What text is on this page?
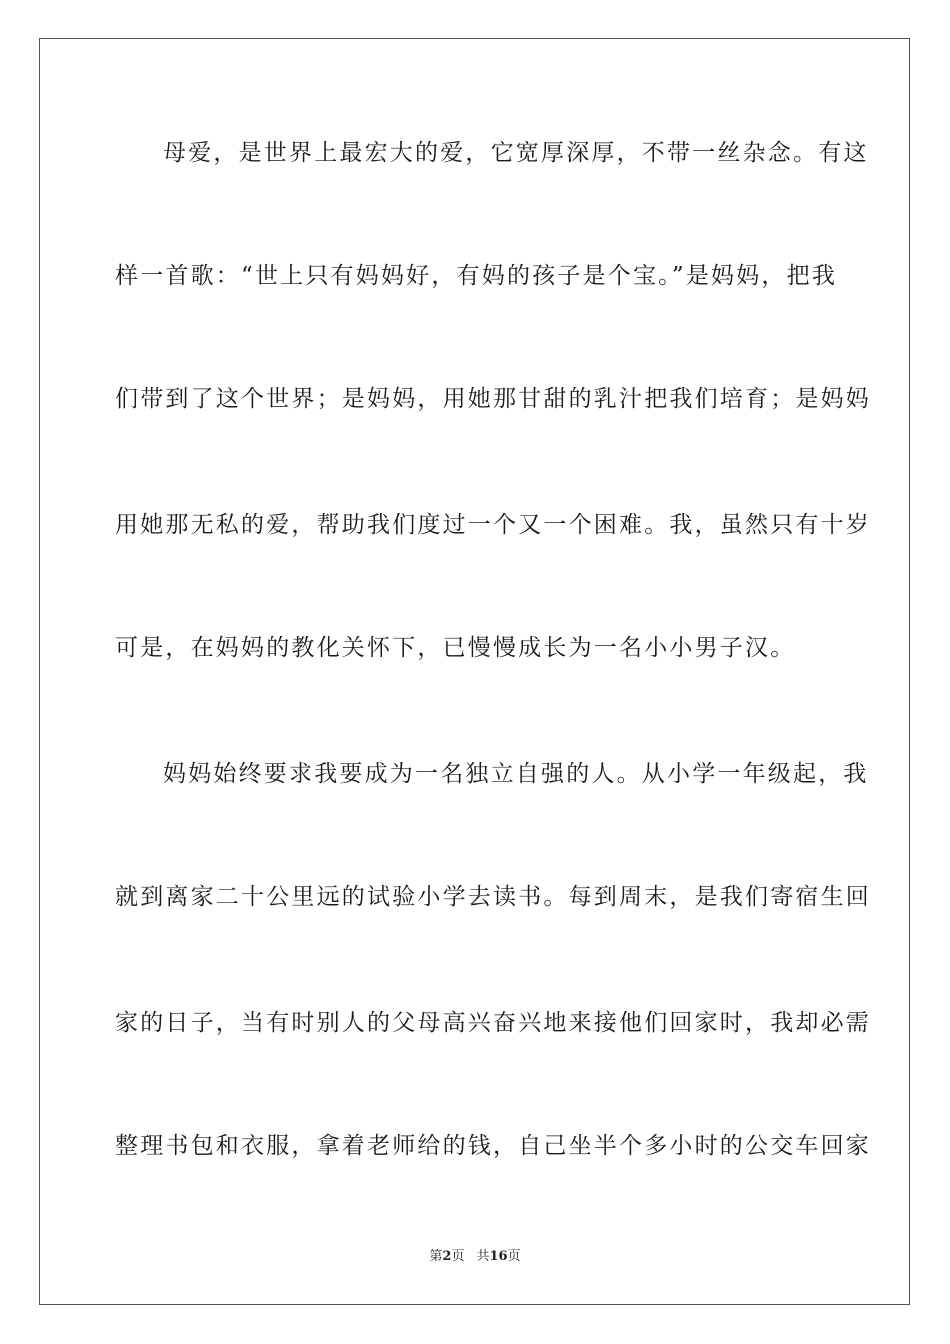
母爱，是世界上最宏大的爱，它宽厚深厚，不带一丝杂念。有这
样一首歌：“世上只有妈妈好，有妈的孩子是个宝。”是妈妈，把我
们带到了这个世界；是妈妈，用她那甘甜的乳汁把我们培育；是妈妈
用她那无私的爱，帮助我们度过一个又一个困难。我，虽然只有十岁
可是，在妈妈的教化关怀下，已慢慢成长为一名小小男子汉。
妈妈始终要求我要成为一名独立自强的人。从小学一年级起，我
就到离家二十公里远的试验小学去读书。每到周末，是我们寄宿生回
家的日子，当有时别人的父母高兴奋兴地来接他们回家时，我却必需
整理书包和衣服，拿着老师给的钱，自己坐半个多小时的公交车回家
第2页 共16页
